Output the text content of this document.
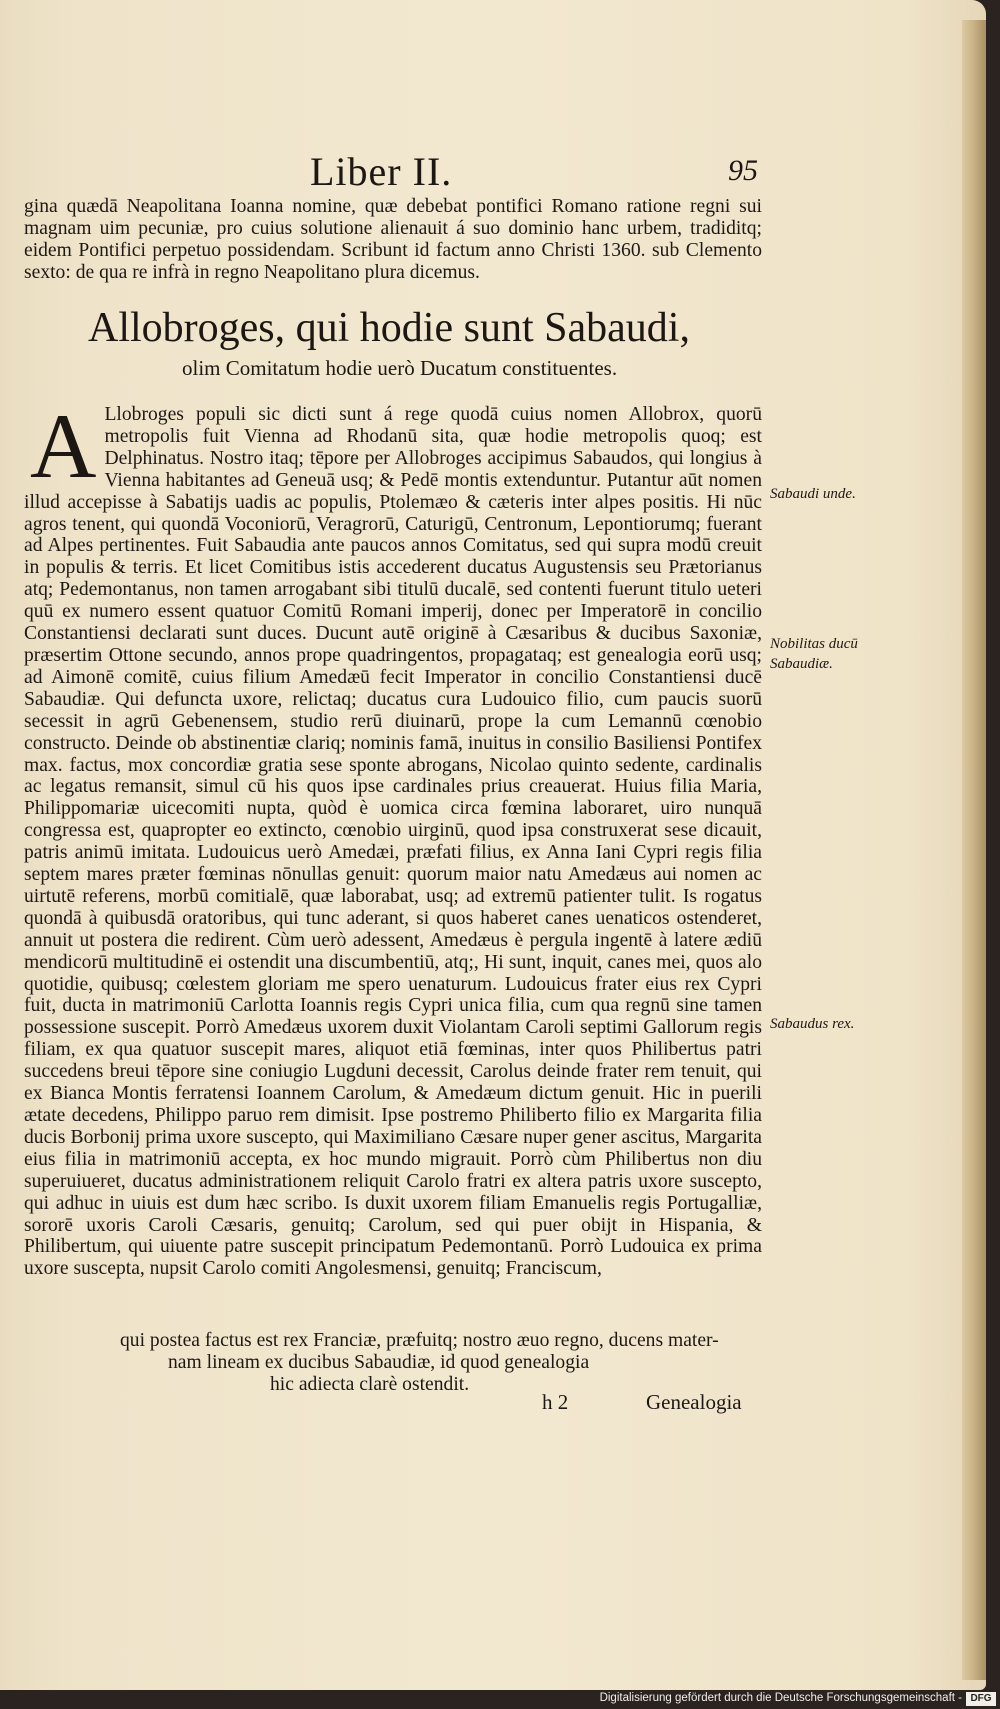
Liber II.	95
gina quædā Neapolitana Ioanna nomine, quæ debebat pontifici Romano ratione regni sui magnam uim pecuniæ, pro cuius solutione alienauit á suo dominio hanc urbem, tradiditq; eidem Pontifici perpetuo possidendam. Scribunt id factum anno Christi 1360. sub Clemento sexto: de qua re infrà in regno Neapolitano plura dicemus.
Allobroges, qui hodie sunt Sabaudi,
olim Comitatum hodie uerò Ducatum constituentes.
A Llobroges populi sic dicti sunt á rege quodā cuius nomen Allobrox, quorū metropolis fuit Vienna ad Rhodanū sita, quæ hodie metropolis quoq; est Delphinatus. Nostro itaq; tēpore per Allobroges accipimus Sabaudos, qui longius à Vienna habitantes ad Geneuā usq; & Pedē montis extenduntur. Putantur aūt nomen illud accepisse à Sabatijs uadis ac populis, Ptolemæo & cæteris inter alpes positis. Hi nūc agros tenent, qui quondā Voconiorū, Veragrorū, Caturigū, Centronum, Lepontiorumq; fuerant ad Alpes pertinentes. Fuit Sabaudia ante paucos annos Comitatus, sed qui supra modū creuit in populis & terris. Et licet Comitibus istis accederent ducatus Augustensis seu Prætorianus atq; Pedemontanus, non tamen arrogabant sibi titulū ducalē, sed contenti fuerunt titulo ueteri quū ex numero essent quatuor Comitū Romani imperij, donec per Imperatorē in concilio Constantiensi declarati sunt duces. Ducunt autē originē à Cæsaribus & ducibus Saxoniæ, præsertim Ottone secundo, annos prope quadringentos, propagataq; est genealogia eorū usq; ad Aimonē comitē, cuius filium Amedæū fecit Imperator in concilio Constantiensi ducē Sabaudiæ. Qui defuncta uxore, relictaq; ducatus cura Ludouico filio, cum paucis suorū secessit in agrū Gebenensem, studio rerū diuinarū, prope la cum Lemannū cœnobio constructo. Deinde ob abstinentiæ clariq; nominis famā, inuitus in consilio Basiliensi Pontifex max. factus, mox concordiæ gratia sese sponte abrogans, Nicolao quinto sedente, cardinalis ac legatus remansit, simul cū his quos ipse cardinales prius creauerat. Huius filia Maria, Philippomariæ uicecomiti nupta, quòd è uomica circa fœmina laboraret, uiro nunquā congressa est, quapropter eo extincto, cœnobio uirginū, quod ipsa construxerat sese dicauit, patris animū imitata. Ludouicus uerò Amedæi, præfati filius, ex Anna Iani Cypri regis filia septem mares præter fœminas nōnullas genuit: quorum maior natu Amedæus aui nomen ac uirtutē referens, morbū comitialē, quæ laborabat, usq; ad extremū patienter tulit. Is rogatus quondā à quibusdā oratoribus, qui tunc aderant, si quos haberet canes uenaticos ostenderet, annuit ut postera die redirent. Cùm uerò adessent, Amedæus è pergula ingentē à latere ædiū mendicorū multitudinē ei ostendit una discumbentiū, atq;, Hi sunt, inquit, canes mei, quos alo quotidie, quibusq; cœlestem gloriam me spero uenaturum. Ludouicus frater eius rex Cypri fuit, ducta in matrimoniū Carlotta Ioannis regis Cypri unica filia, cum qua regnū sine tamen possessione suscepit. Porrò Amedæus uxorem duxit Violantam Caroli septimi Gallorum regis filiam, ex qua quatuor suscepit mares, aliquot etiā fœminas, inter quos Philibertus patri succedens breui tēpore sine coniugio Lugduni decessit, Carolus deinde frater rem tenuit, qui ex Bianca Montis ferratensi Ioannem Carolum, & Amedæum dictum genuit. Hic in puerili ætate decedens, Philippo paruo rem dimisit. Ipse postremo Philiberto filio ex Margarita filia ducis Borbonij prima uxore suscepto, qui Maximiliano Cæsare nuper gener ascitus, Margarita eius filia in matrimoniū accepta, ex hoc mundo migrauit. Porrò cùm Philibertus non diu superuiueret, ducatus administrationem reliquit Carolo fratri ex altera patris uxore suscepto, qui adhuc in uiuis est dum hæc scribo. Is duxit uxorem filiam Emanuelis regis Portugalliæ, sororē uxoris Caroli Cæsaris, genuitq; Carolum, sed qui puer obijt in Hispania, & Philibertum, qui uiuente patre suscepit principatum Pedemontanū. Porrò Ludouica ex prima uxore suscepta, nupsit Carolo comiti Angolesmensi, genuitq; Franciscum,
qui postea factus est rex Franciæ, præfuitq; nostro æuo regno, ducens mater-
nam lineam ex ducibus Sabaudiæ, id quod genealogia
hic adiecta clarè ostendit.
Sabaudi unde.
Nobilitas ducū Sabaudiæ.
Sabaudus rex.
h 2	Genealogia
Digitalisierung gefördert durch die Deutsche Forschungsgemeinschaft - DFG
